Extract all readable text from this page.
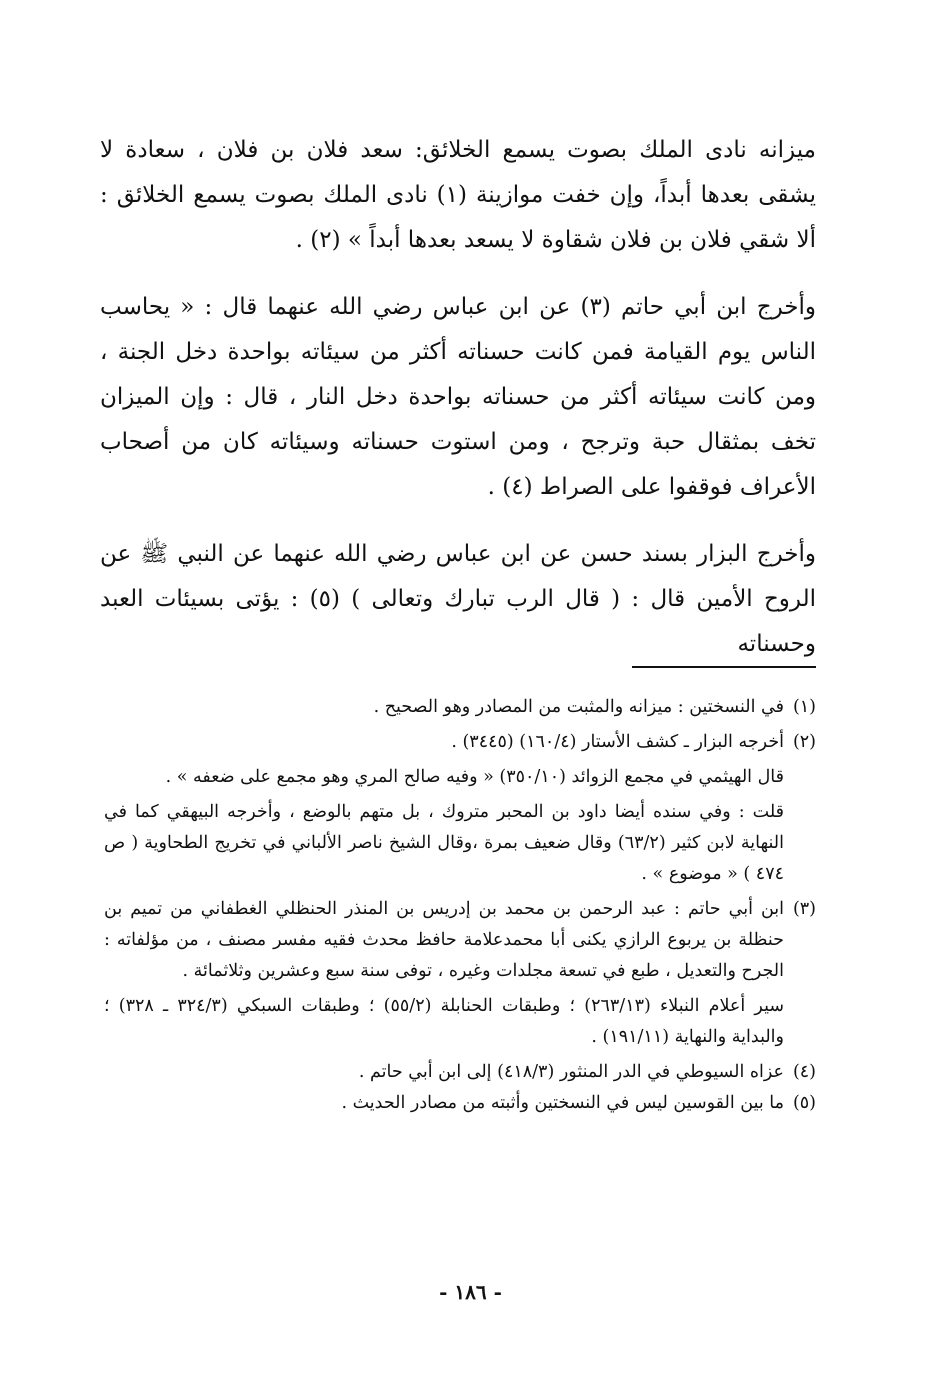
ميزانه نادى الملك بصوت يسمع الخلائق: سعد فلان بن فلان ، سعادة لا يشقى بعدها أبداً، وإن خفت موازينة (١) نادى الملك بصوت يسمع الخلائق : ألا شقي فلان بن فلان شقاوة لا يسعد بعدها أبداً » (٢) .

وأخرج ابن أبي حاتم (٣) عن ابن عباس رضي الله عنهما قال : « يحاسب الناس يوم القيامة فمن كانت حسناته أكثر من سيئاته بواحدة دخل الجنة ، ومن كانت سيئاته أكثر من حسناته بواحدة دخل النار ، قال : وإن الميزان تخف بمثقال حبة وترجح ، ومن استوت حسناته وسيئاته كان من أصحاب الأعراف فوقفوا على الصراط (٤) .

وأخرج البزار بسند حسن عن ابن عباس رضي الله عنهما عن النبي ﷺ عن الروح الأمين قال : ( قال الرب تبارك وتعالى ) (٥) : يؤتى بسيئات العبد وحسناته

(١)
في النسختين : ميزانه والمثبت من المصادر وهو الصحيح .
(٢)
أخرجه البزار ـ كشف الأستار (١٦٠/٤) (٣٤٤٥) .

قال الهيثمي في مجمع الزوائد (٣٥٠/١٠) « وفيه صالح المري وهو مجمع على ضعفه » .

قلت : وفي سنده أيضا داود بن المحبر متروك ، بل متهم بالوضع ، وأخرجه البيهقي كما في النهاية لابن كثير (٦٣/٢) وقال ضعيف بمرة ،وقال الشيخ ناصر الألباني في تخريج الطحاوية ( ص ٤٧٤ ) « موضوع » .

(٣)
ابن أبي حاتم : عبد الرحمن بن محمد بن إدريس بن المنذر الحنظلي الغطفاني من تميم بن حنظلة بن يربوع الرازي يكنى أبا محمدعلامة حافظ محدث فقيه مفسر مصنف ، من مؤلفاته : الجرح والتعديل ، طبع في تسعة مجلدات وغيره ، توفى سنة سبع وعشرين وثلاثمائة .

سير أعلام النبلاء (٢٦٣/١٣) ؛ وطبقات الحنابلة (٥٥/٢) ؛ وطبقات السبكي (٣٢٤/٣ ـ ٣٢٨) ؛ والبداية والنهاية (١٩١/١١) .

(٤)
عزاه السيوطي في الدر المنثور (٤١٨/٣) إلى ابن أبي حاتم .
(٥)
ما بين القوسين ليس في النسختين وأثبته من مصادر الحديث .
- ١٨٦ -
